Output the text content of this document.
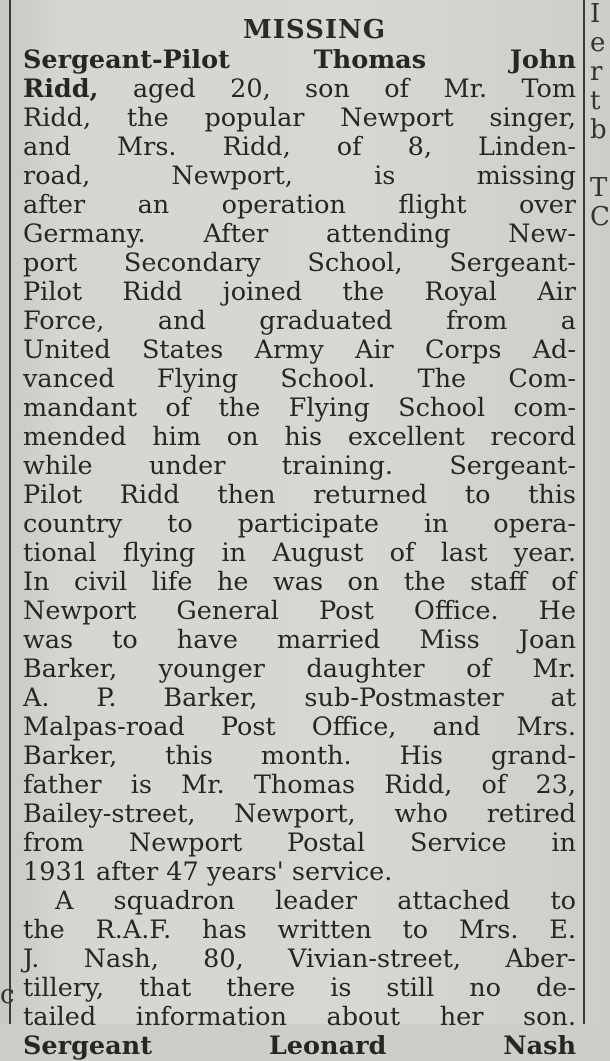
c
I
e
r
t
b
T
C
MISSING
Sergeant-Pilot Thomas John
Ridd, aged 20, son of Mr. Tom
Ridd, the popular Newport singer,
and Mrs. Ridd, of 8, Linden-
road, Newport, is missing
after an operation flight over
Germany. After attending New-
port Secondary School, Sergeant-
Pilot Ridd joined the Royal Air
Force, and graduated from a
United States Army Air Corps Ad-
vanced Flying School. The Com-
mandant of the Flying School com-
mended him on his excellent record
while under training. Sergeant-
Pilot Ridd then returned to this
country to participate in opera-
tional flying in August of last year.
In civil life he was on the staff of
Newport General Post Office. He
was to have married Miss Joan
Barker, younger daughter of Mr.
A. P. Barker, sub-Postmaster at
Malpas-road Post Office, and Mrs.
Barker, this month. His grand-
father is Mr. Thomas Ridd, of 23,
Bailey-street, Newport, who retired
from Newport Postal Service in
1931 after 47 years' service.
A squadron leader attached to
the R.A.F. has written to Mrs. E.
J. Nash, 80, Vivian-street, Aber-
tillery, that there is still no de-
tailed information about her son.
Sergeant Leonard Nash
